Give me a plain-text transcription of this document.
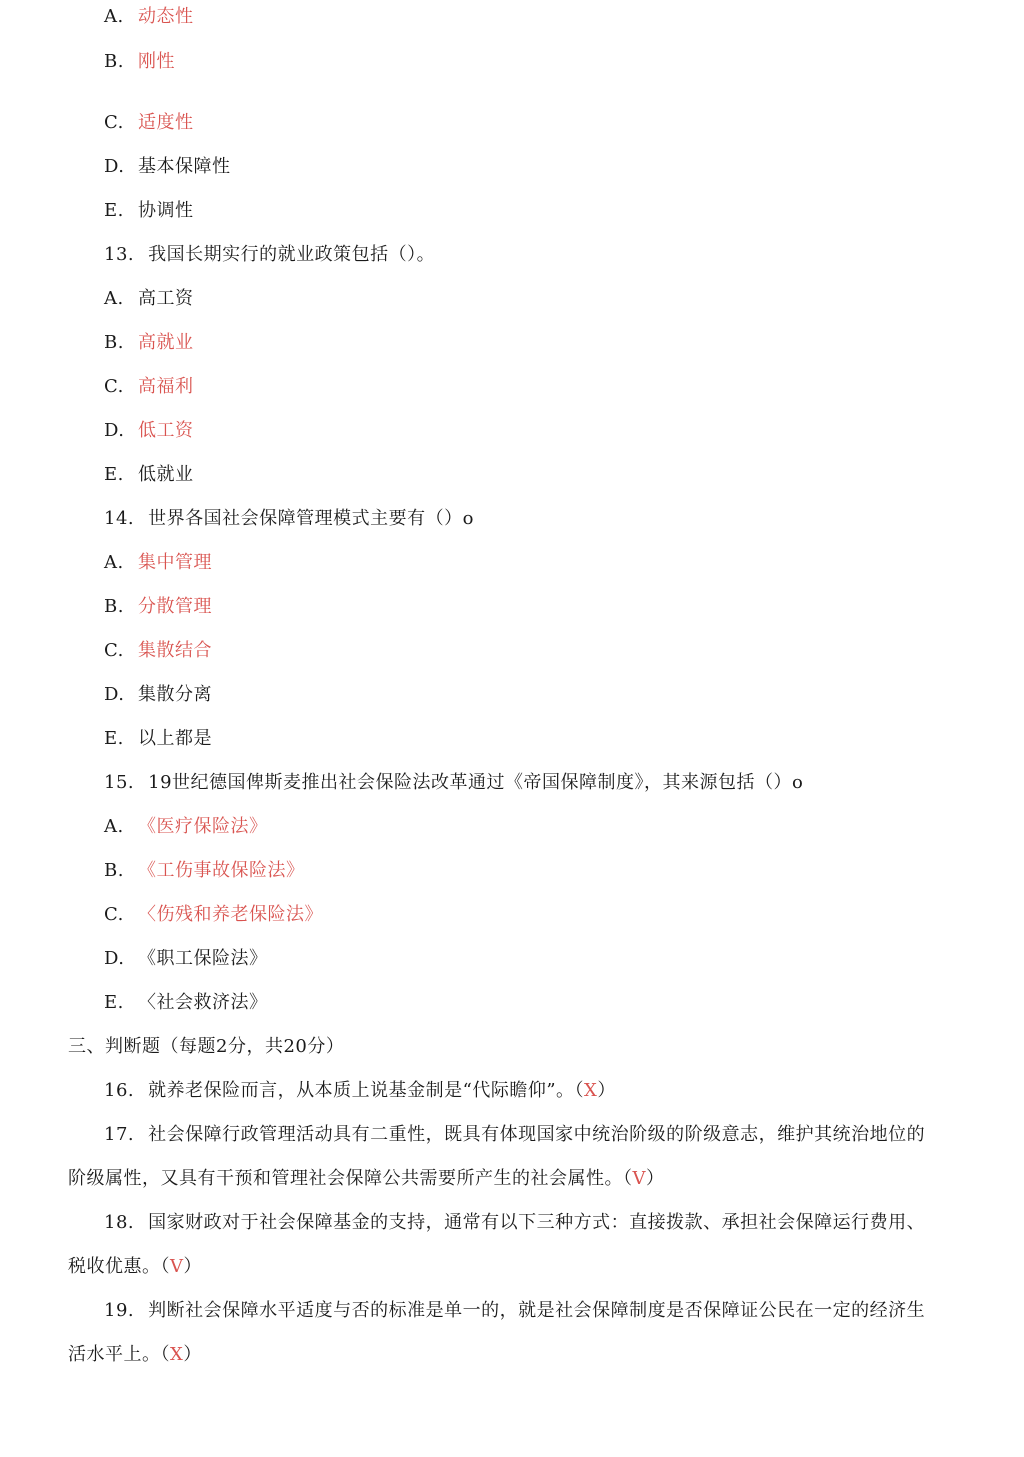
A. 动态性
B. 刚性
C. 适度性
D. 基本保障性
E. 协调性
13. 我国长期实行的就业政策包括（）。
A. 高工资
B. 高就业
C. 高福利
D. 低工资
E. 低就业
14. 世界各国社会保障管理模式主要有（）o
A. 集中管理
B. 分散管理
C. 集散结合
D. 集散分离
E. 以上都是
15. 19世纪德国俾斯麦推出社会保险法改革通过《帝国保障制度》，其来源包括（）o
A. 《医疗保险法》
B. 《工伤事故保险法》
C. 〈伤残和养老保险法》
D. 《职工保险法》
E. 〈社会救济法》
三、判断题（每题2分，共20分）
16. 就养老保险而言，从本质上说基金制是“代际瞻仰”。（X）
17. 社会保障行政管理活动具有二重性，既具有体现国家中统治阶级的阶级意志，维护其统治地位的
阶级属性，又具有干预和管理社会保障公共需要所产生的社会属性。（V）
18. 国家财政对于社会保障基金的支持，通常有以下三种方式：直接拨款、承担社会保障运行费用、
税收优惠。（V）
19. 判断社会保障水平适度与否的标准是单一的，就是社会保障制度是否保障证公民在一定的经济生
活水平上。（X）
